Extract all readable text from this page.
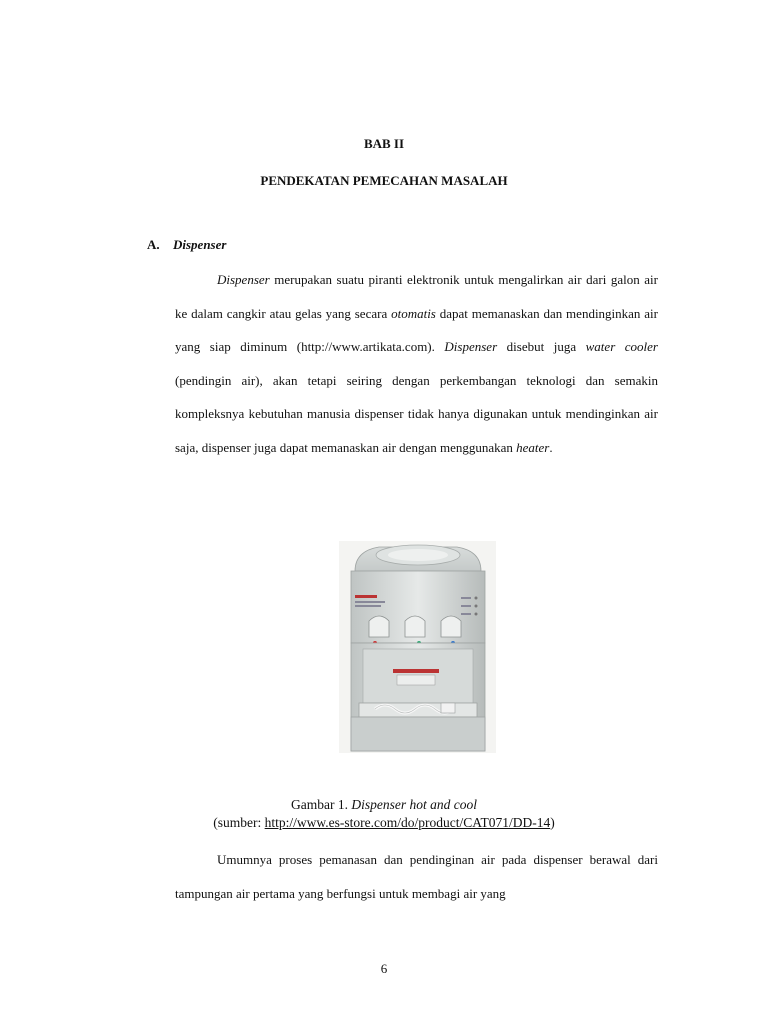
BAB II
PENDEKATAN PEMECAHAN MASALAH
A. Dispenser

Dispenser merupakan suatu piranti elektronik untuk mengalirkan air dari galon air ke dalam cangkir atau gelas yang secara otomatis dapat memanaskan dan mendinginkan air yang siap diminum (http://www.artikata.com). Dispenser disebut juga water cooler (pendingin air), akan tetapi seiring dengan perkembangan teknologi dan semakin kompleksnya kebutuhan manusia dispenser tidak hanya digunakan untuk mendinginkan air saja, dispenser juga dapat memanaskan air dengan menggunakan heater.

Gambar 1. Dispenser hot and cool
(sumber: http://www.es-store.com/do/product/CAT071/DD-14)

Umumnya proses pemanasan dan pendinginan air pada dispenser berawal dari tampungan air pertama yang berfungsi untuk membagi air yang

6
